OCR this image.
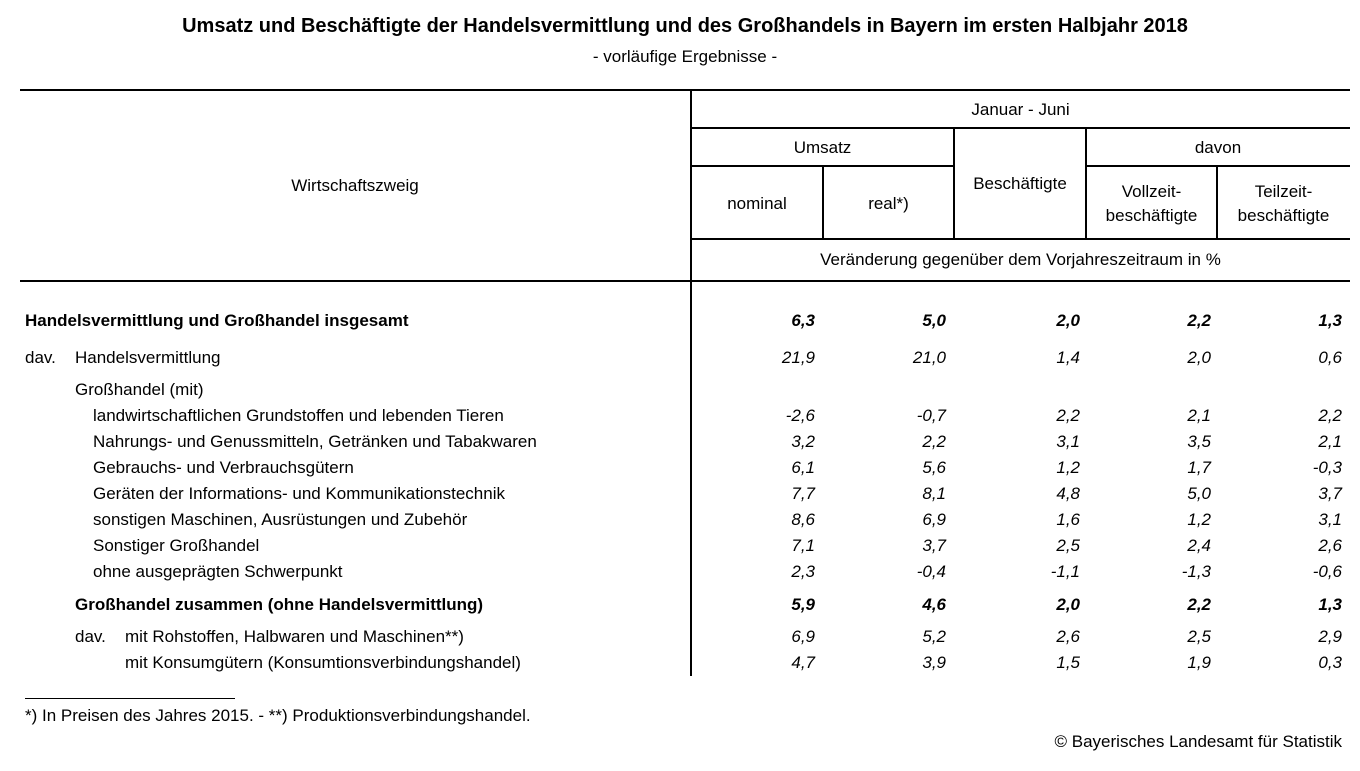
Umsatz und Beschäftigte der Handelsvermittlung und des Großhandels in Bayern im ersten Halbjahr 2018
- vorläufige Ergebnisse -
Wirtschaftszweig
Januar - Juni
Umsatz
nominal	real*)
Beschäftigte
davon
Vollzeit-
beschäftigte
Teilzeit-
beschäftigte
Veränderung gegenüber dem Vorjahreszeitraum in %
Handelsvermittlung und Großhandel insgesamt	6,3	5,0	2,0	2,2	1,3
dav. Handelsvermittlung	21,9	21,0	1,4	2,0	0,6
Großhandel (mit)
landwirtschaftlichen Grundstoffen und lebenden Tieren	-2,6	-0,7	2,2	2,1	2,2
Nahrungs- und Genussmitteln, Getränken und Tabakwaren	3,2	2,2	3,1	3,5	2,1
Gebrauchs- und Verbrauchsgütern	6,1	5,6	1,2	1,7	-0,3
Geräten der Informations- und Kommunikationstechnik	7,7	8,1	4,8	5,0	3,7
sonstigen Maschinen, Ausrüstungen und Zubehör	8,6	6,9	1,6	1,2	3,1
Sonstiger Großhandel	7,1	3,7	2,5	2,4	2,6
ohne ausgeprägten Schwerpunkt	2,3	-0,4	-1,1	-1,3	-0,6
Großhandel zusammen (ohne Handelsvermittlung)	5,9	4,6	2,0	2,2	1,3
dav. mit Rohstoffen, Halbwaren und Maschinen**)	6,9	5,2	2,6	2,5	2,9
mit Konsumgütern (Konsumtionsverbindungshandel)	4,7	3,9	1,5	1,9	0,3
*) In Preisen des Jahres 2015. - **) Produktionsverbindungshandel.
© Bayerisches Landesamt für Statistik
